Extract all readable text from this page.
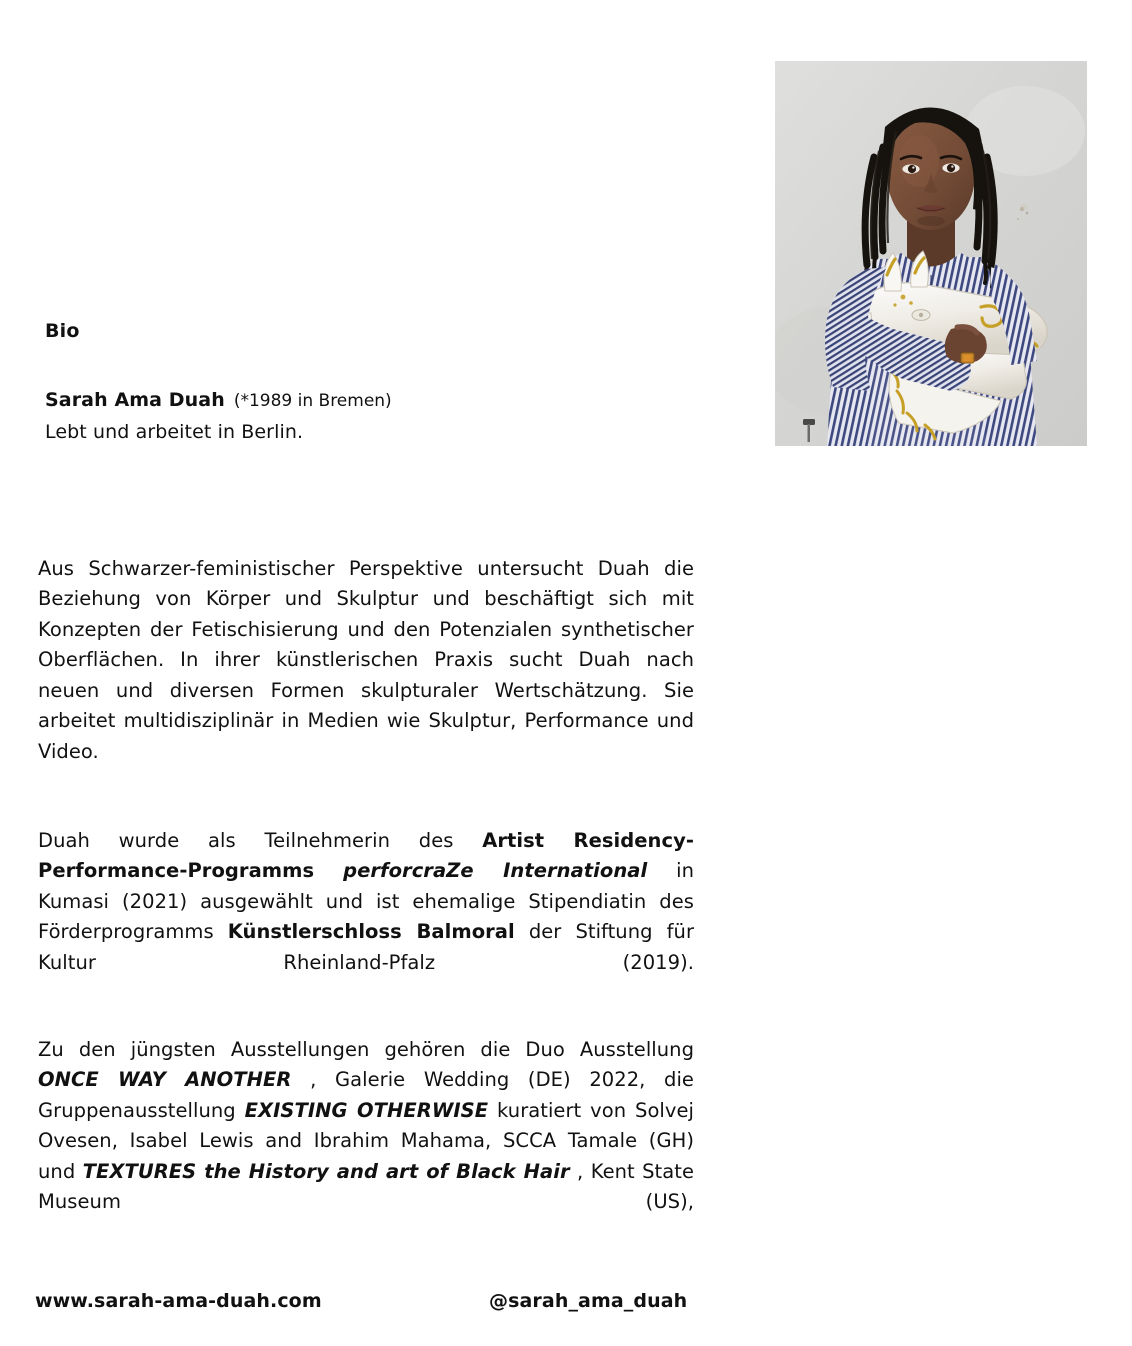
Bio
Sarah Ama Duah (*1989 in Bremen)
Lebt und arbeitet in Berlin.

Aus Schwarzer-feministischer Perspektive untersucht Duah die Beziehung von Körper und Skulptur und beschäftigt sich mit Konzepten der Fetischisierung und den Potenzialen synthetischer Oberflächen. In ihrer künstlerischen Praxis sucht Duah nach neuen und diversen Formen skulpturaler Wertschätzung. Sie arbeitet multidisziplinär in Medien wie Skulptur, Performance und Video.

Duah wurde als Teilnehmerin des Artist Residency-Performance-Programms perforcraZe International in Kumasi (2021) ausgewählt und ist ehemalige Stipendiatin des Förderprogramms Künstlerschloss Balmoral der Stiftung für Kultur Rheinland-Pfalz (2019).

Zu den jüngsten Ausstellungen gehören die Duo Ausstellung ONCE WAY ANOTHER , Galerie Wedding (DE) 2022, die Gruppenausstellung EXISTING OTHERWISE kuratiert von Solvej Ovesen, Isabel Lewis and Ibrahim Mahama, SCCA Tamale (GH) und TEXTURES the History and art of Black Hair , Kent State Museum (US),

www.sarah-ama-duah.com	@sarah_ama_duah
